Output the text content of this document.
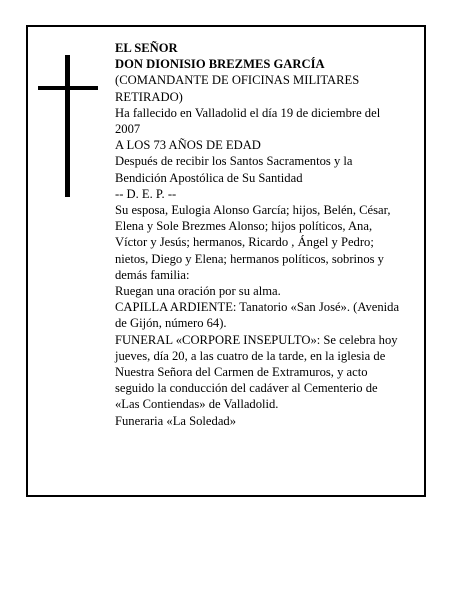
EL SEÑOR

DON DIONISIO BREZMES GARCÍA

(COMANDANTE DE OFICINAS MILITARES
RETIRADO)

Ha fallecido en Valladolid el día 19 de diciembre del
2007

A LOS 73 AÑOS DE EDAD

Después de recibir los Santos Sacramentos y la
Bendición Apostólica de Su Santidad

-- D. E. P. --

Su esposa, Eulogia Alonso García; hijos, Belén, César,
Elena y Sole Brezmes Alonso; hijos políticos, Ana,
Víctor y Jesús; hermanos, Ricardo , Ángel y Pedro;
nietos, Diego y Elena; hermanos políticos, sobrinos y
demás familia:

Ruegan una oración por su alma.

CAPILLA ARDIENTE: Tanatorio «San José». (Avenida
de Gijón, número 64).

FUNERAL «CORPORE INSEPULTO»: Se celebra hoy
jueves, día 20, a las cuatro de la tarde, en la iglesia de
Nuestra Señora del Carmen de Extramuros, y acto
seguido la conducción del cadáver al Cementerio de
«Las Contiendas» de Valladolid.

Funeraria «La Soledad»
